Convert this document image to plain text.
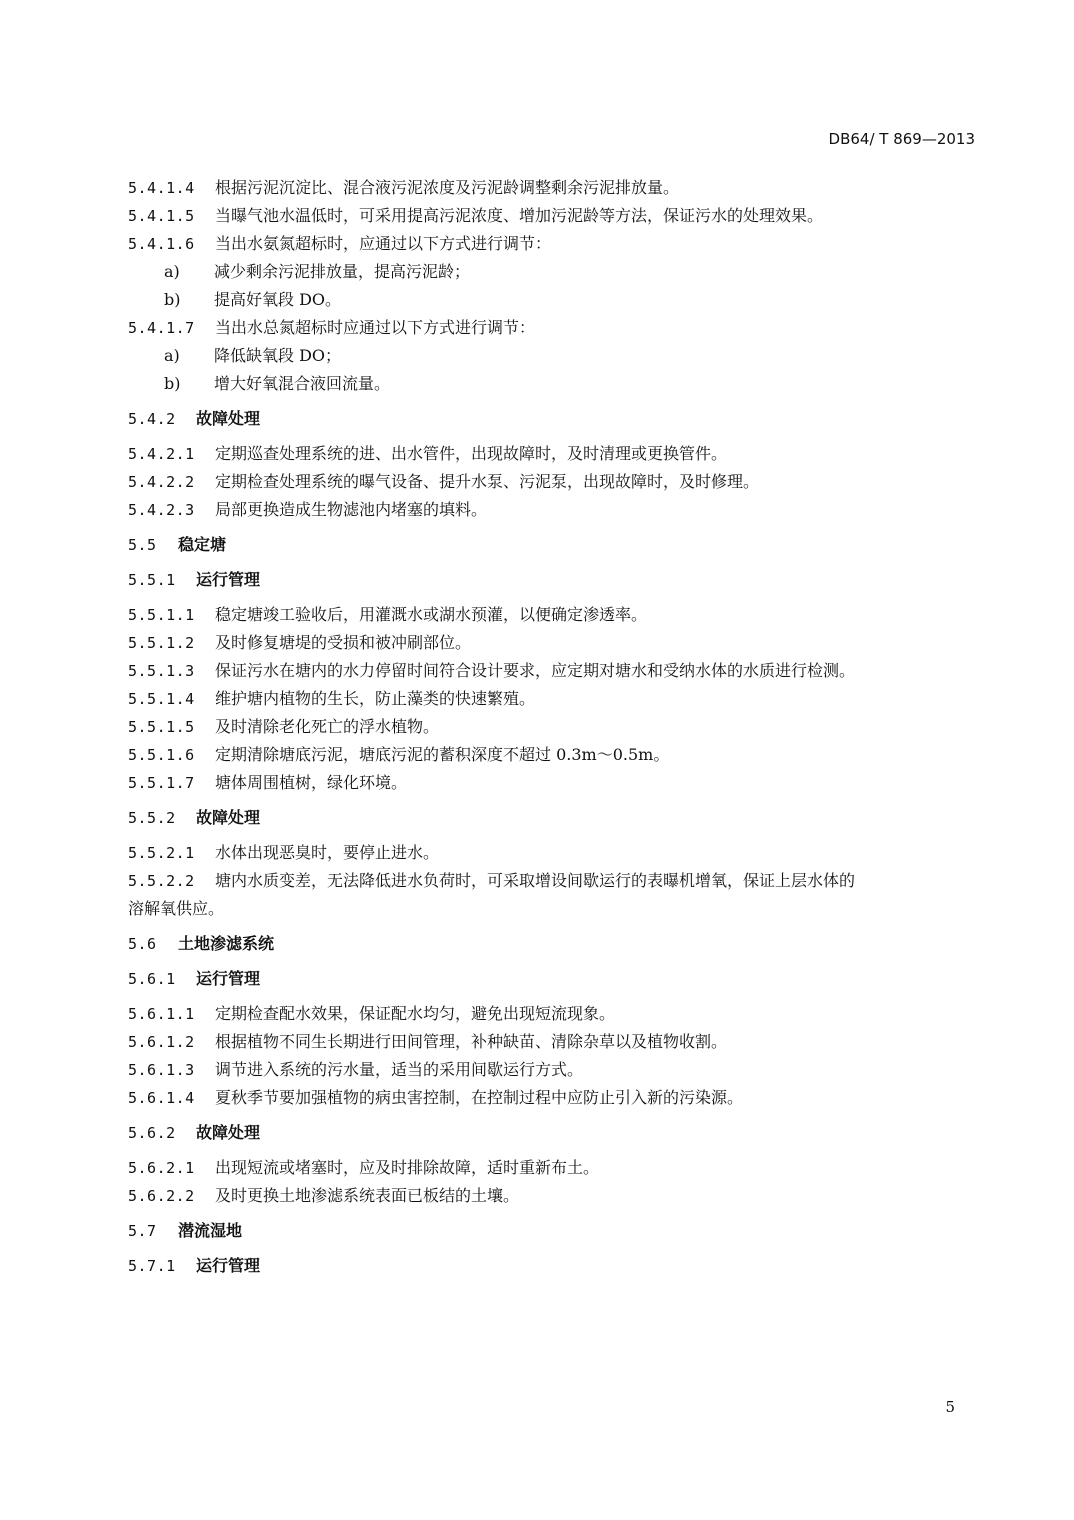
DB64/ T 869—2013
5.4.1.4 根据污泥沉淀比、混合液污泥浓度及污泥龄调整剩余污泥排放量。
5.4.1.5 当曝气池水温低时，可采用提高污泥浓度、增加污泥龄等方法，保证污水的处理效果。
5.4.1.6 当出水氨氮超标时，应通过以下方式进行调节：
a) 减少剩余污泥排放量，提高污泥龄；
b) 提高好氧段 DO。
5.4.1.7 当出水总氮超标时应通过以下方式进行调节：
a) 降低缺氧段 DO；
b) 增大好氧混合液回流量。
5.4.2 故障处理
5.4.2.1 定期巡查处理系统的进、出水管件，出现故障时，及时清理或更换管件。
5.4.2.2 定期检查处理系统的曝气设备、提升水泵、污泥泵，出现故障时，及时修理。
5.4.2.3 局部更换造成生物滤池内堵塞的填料。
5.5 稳定塘
5.5.1 运行管理
5.5.1.1 稳定塘竣工验收后，用灌溉水或湖水预灌，以便确定渗透率。
5.5.1.2 及时修复塘堤的受损和被冲刷部位。
5.5.1.3 保证污水在塘内的水力停留时间符合设计要求，应定期对塘水和受纳水体的水质进行检测。
5.5.1.4 维护塘内植物的生长，防止藻类的快速繁殖。
5.5.1.5 及时清除老化死亡的浮水植物。
5.5.1.6 定期清除塘底污泥，塘底污泥的蓄积深度不超过 0.3m～0.5m。
5.5.1.7 塘体周围植树，绿化环境。
5.5.2 故障处理
5.5.2.1 水体出现恶臭时，要停止进水。
5.5.2.2 塘内水质变差，无法降低进水负荷时，可采取增设间歇运行的表曝机增氧，保证上层水体的
溶解氧供应。
5.6 土地渗滤系统
5.6.1 运行管理
5.6.1.1 定期检查配水效果，保证配水均匀，避免出现短流现象。
5.6.1.2 根据植物不同生长期进行田间管理，补种缺苗、清除杂草以及植物收割。
5.6.1.3 调节进入系统的污水量，适当的采用间歇运行方式。
5.6.1.4 夏秋季节要加强植物的病虫害控制，在控制过程中应防止引入新的污染源。
5.6.2 故障处理
5.6.2.1 出现短流或堵塞时，应及时排除故障，适时重新布土。
5.6.2.2 及时更换土地渗滤系统表面已板结的土壤。
5.7 潜流湿地
5.7.1 运行管理
5
